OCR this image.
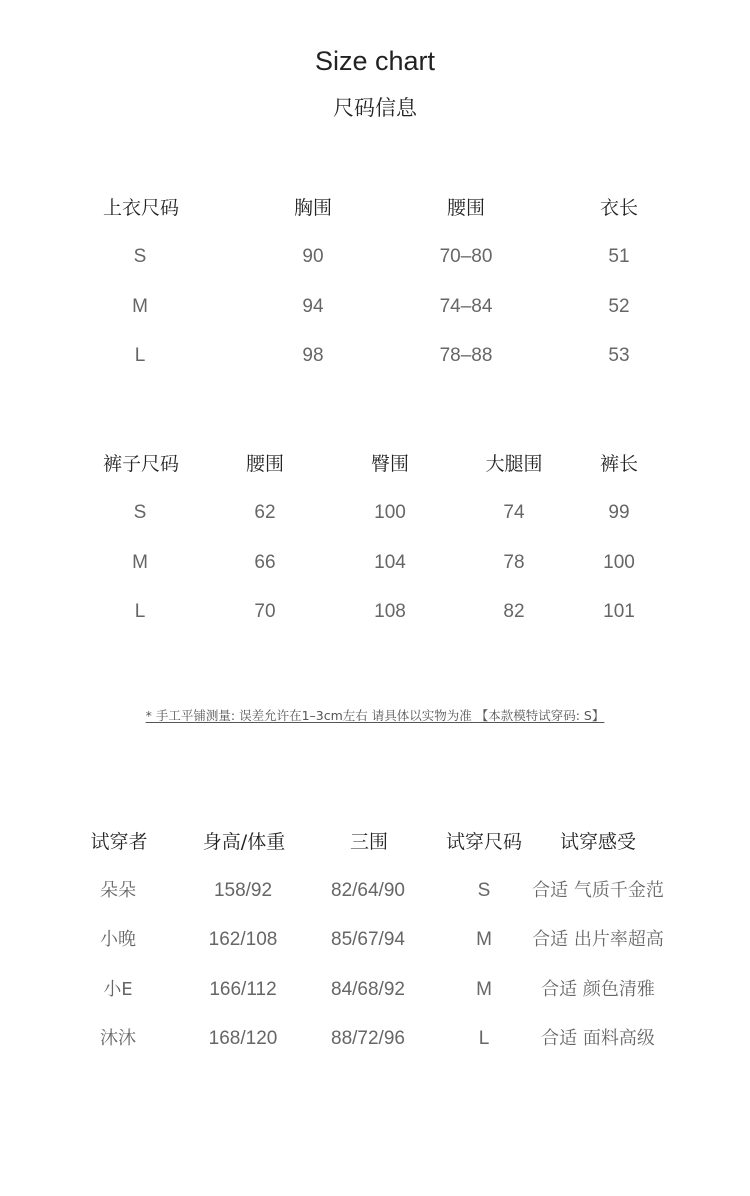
Size chart
尺码信息
上衣尺码	胸围	腰围	衣长
S	90	70–80	51
M	94	74–84	52
L	98	78–88	53
裤子尺码	腰围	臀围	大腿围	裤长
S	62	100	74	99
M	66	104	78	100
L	70	108	82	101
* 手工平铺测量: 误差允许在1–3cm左右 请具体以实物为准 【本款模特试穿码: S】
试穿者	身高/体重	三围	试穿尺码	试穿感受
朵朵	158/92	82/64/90	S	合适 气质千金范
小晚	162/108	85/67/94	M	合适 出片率超高
小E	166/112	84/68/92	M	合适 颜色清雅
沐沐	168/120	88/72/96	L	合适 面料高级
